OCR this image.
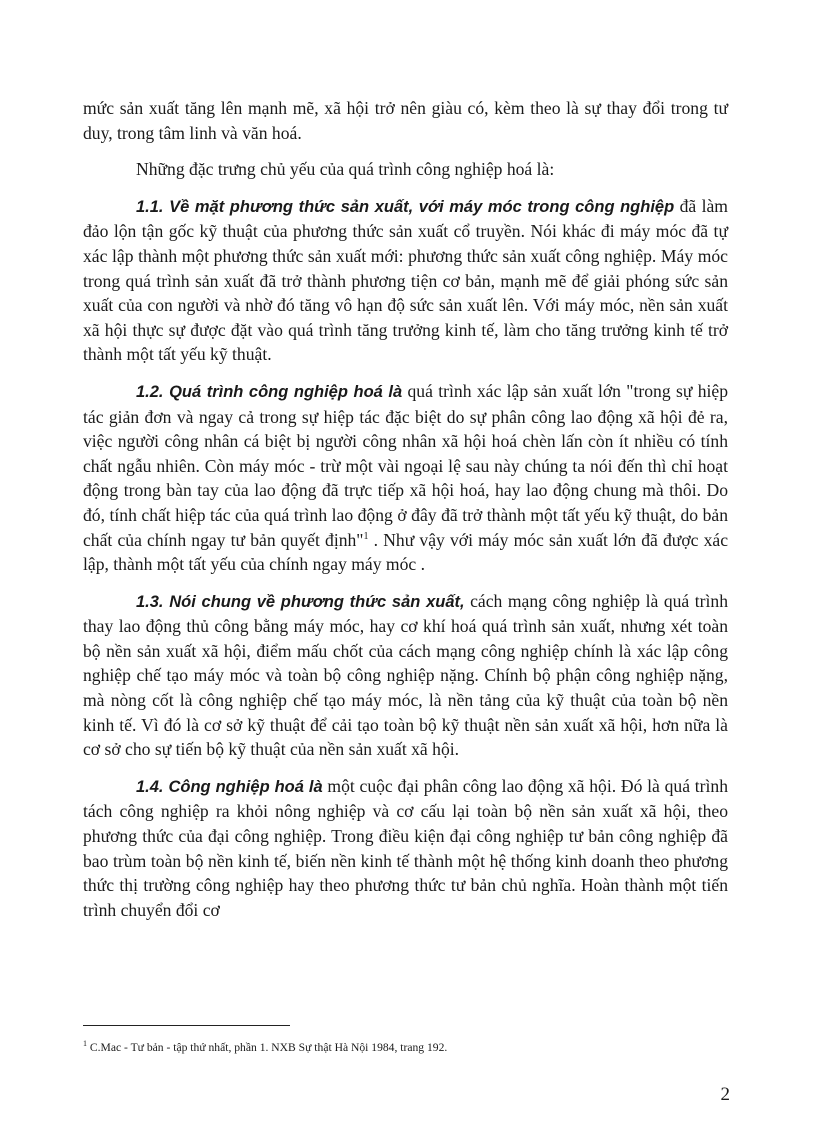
mức sản xuất tăng lên mạnh mẽ, xã hội trở nên giàu có, kèm theo là sự thay đổi trong tư duy, trong tâm linh và văn hoá.

Những đặc trưng chủ yếu của quá trình công nghiệp hoá là:

1.1. Về mặt phương thức sản xuất, với máy móc trong công nghiệp đã làm đảo lộn tận gốc kỹ thuật của phương thức sản xuất cổ truyền. Nói khác đi máy móc đã tự xác lập thành một phương thức sản xuất mới: phương thức sản xuất công nghiệp. Máy móc trong quá trình sản xuất đã trở thành phương tiện cơ bản, mạnh mẽ để giải phóng sức sản xuất của con người và nhờ đó tăng vô hạn độ sức sản xuất lên. Với máy móc, nền sản xuất xã hội thực sự được đặt vào quá trình tăng trưởng kinh tế, làm cho tăng trưởng kinh tế trở thành một tất yếu kỹ thuật.

1.2. Quá trình công nghiệp hoá là quá trình xác lập sản xuất lớn "trong sự hiệp tác giản đơn và ngay cả trong sự hiệp tác đặc biệt do sự phân công lao động xã hội đẻ ra, việc người công nhân cá biệt bị người công nhân xã hội hoá chèn lấn còn ít nhiều có tính chất ngẫu nhiên. Còn máy móc - trừ một vài ngoại lệ sau này chúng ta nói đến thì chỉ hoạt động trong bàn tay của lao động đã trực tiếp xã hội hoá, hay lao động chung mà thôi. Do đó, tính chất hiệp tác của quá trình lao động ở đây đã trở thành một tất yếu kỹ thuật, do bản chất của chính ngay tư bản quyết định"$^1$ . Như vậy với máy móc sản xuất lớn đã được xác lập, thành một tất yếu của chính ngay máy móc .

1.3. Nói chung về phương thức sản xuất, cách mạng công nghiệp là quá trình thay lao động thủ công bằng máy móc, hay cơ khí hoá quá trình sản xuất, nhưng xét toàn bộ nền sản xuất xã hội, điểm mấu chốt của cách mạng công nghiệp chính là xác lập công nghiệp chế tạo máy móc và toàn bộ công nghiệp nặng. Chính bộ phận công nghiệp nặng, mà nòng cốt là công nghiệp chế tạo máy móc, là nền tảng của kỹ thuật của toàn bộ nền kinh tế. Vì đó là cơ sở kỹ thuật để cải tạo toàn bộ kỹ thuật nền sản xuất xã hội, hơn nữa là cơ sở cho sự tiến bộ kỹ thuật của nền sản xuất xã hội.

1.4. Công nghiệp hoá là một cuộc đại phân công lao động xã hội. Đó là quá trình tách công nghiệp ra khỏi nông nghiệp và cơ cấu lại toàn bộ nền sản xuất xã hội, theo phương thức của đại công nghiệp. Trong điều kiện đại công nghiệp tư bản công nghiệp đã bao trùm toàn bộ nền kinh tế, biến nền kinh tế thành một hệ thống kinh doanh theo phương thức thị trường công nghiệp hay theo phương thức tư bản chủ nghĩa. Hoàn thành một tiến trình chuyển đổi cơ

$^1$ C.Mac - Tư bản - tập thứ nhất, phần 1. NXB Sự thật Hà Nội 1984, trang 192.
2
